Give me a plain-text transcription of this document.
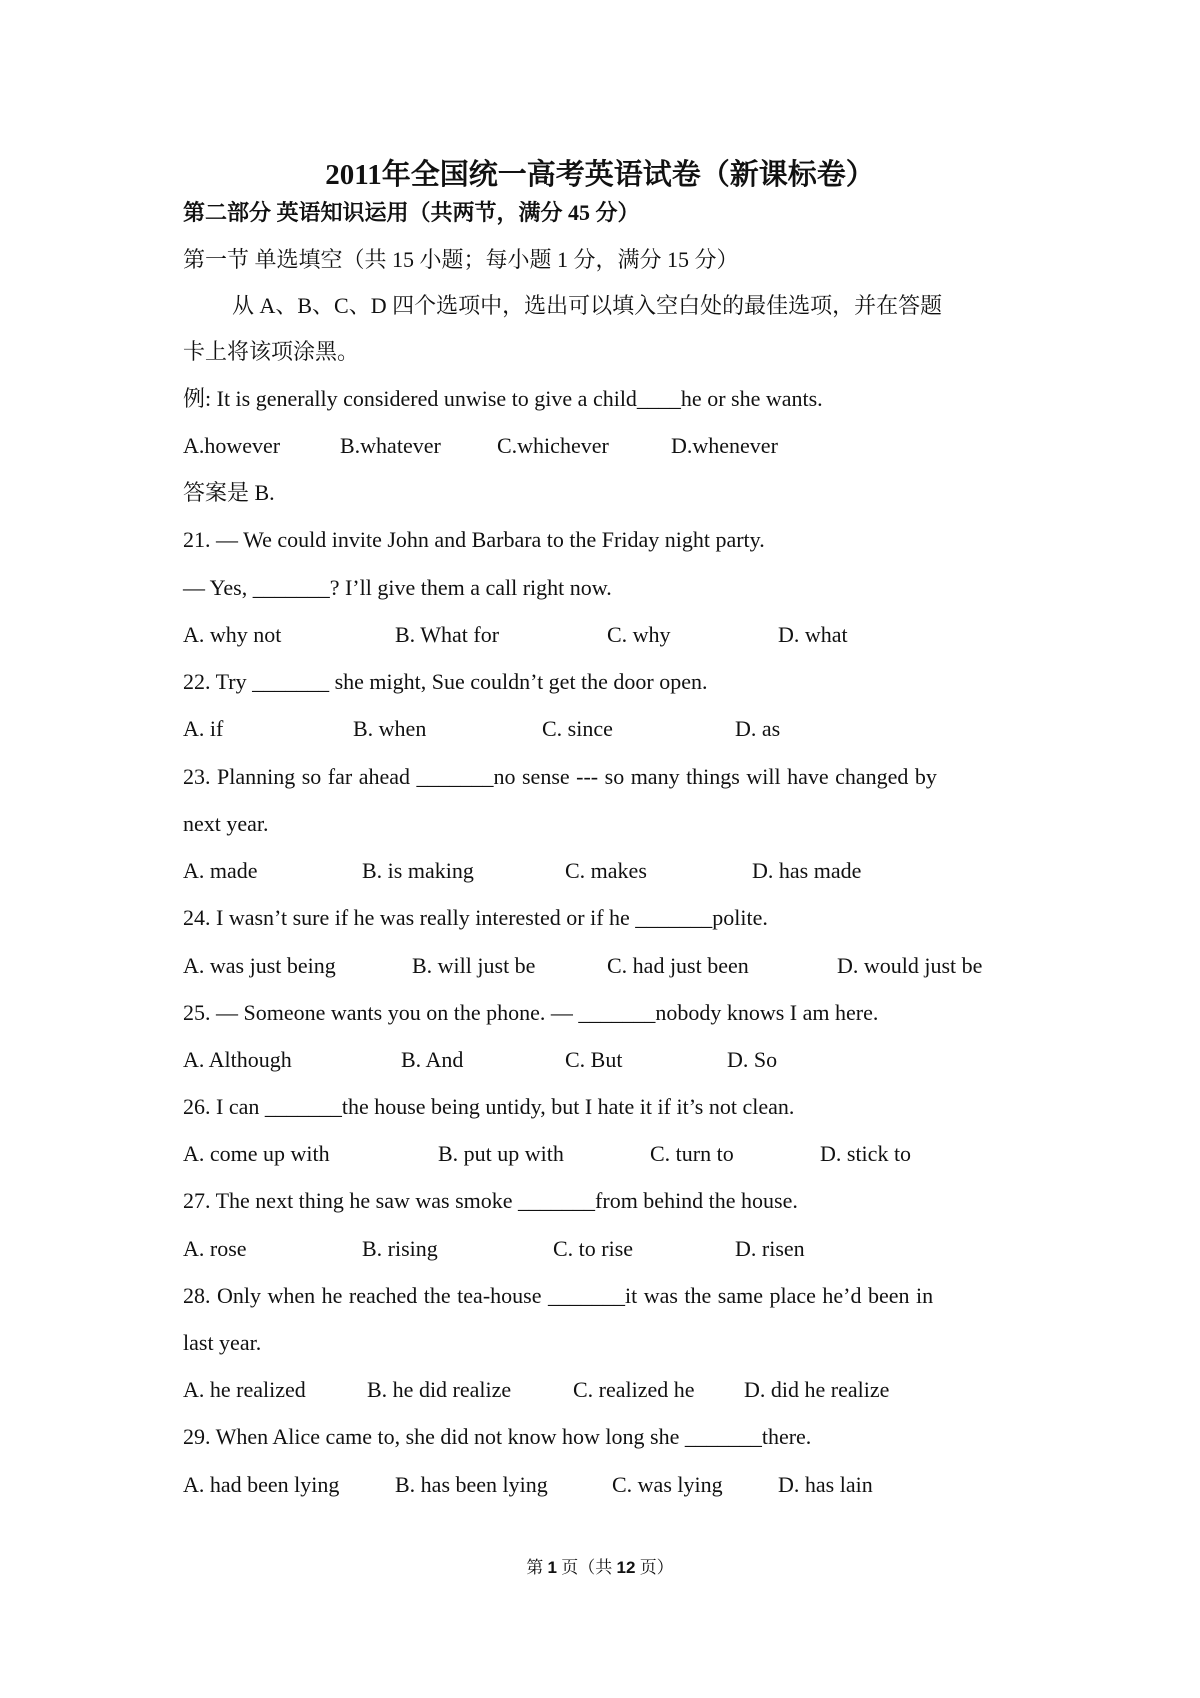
2011年全国统一高考英语试卷（新课标卷）
第二部分 英语知识运用（共两节，满分 45 分）
第一节 单选填空（共 15 小题；每小题 1 分，满分 15 分）
从 A、B、C、D 四个选项中，选出可以填入空白处的最佳选项，并在答题
卡上将该项涂黑。
例: It is generally considered unwise to give a child____he or she wants.
A.however	B.whatever	C.whichever	D.whenever
答案是 B.
21. — We could invite John and Barbara to the Friday night party.
— Yes, _______? I’ll give them a call right now.
A. why not	B. What for	C. why	D. what
22. Try _______ she might, Sue couldn’t get the door open.
A. if	B. when	C. since	D. as
23. Planning so far ahead _______no sense --- so many things will have changed by
next year.
A. made	B. is making	C. makes	D. has made
24. I wasn’t sure if he was really interested or if he _______polite.
A. was just being	B. will just be	C. had just been	D. would just be
25. — Someone wants you on the phone. — _______nobody knows I am here.
A. Although	B. And	C. But	D. So
26. I can _______the house being untidy, but I hate it if it’s not clean.
A. come up with	B. put up with	C. turn to	D. stick to
27. The next thing he saw was smoke _______from behind the house.
A. rose	B. rising	C. to rise	D. risen
28. Only when he reached the tea-house _______it was the same place he’d been in
last year.
A. he realized	B. he did realize	C. realized he D. did he realize
29. When Alice came to, she did not know how long she _______there.
A. had been lying	B. has been lying	C. was lying	D. has lain
第 1 页（共 12 页）
